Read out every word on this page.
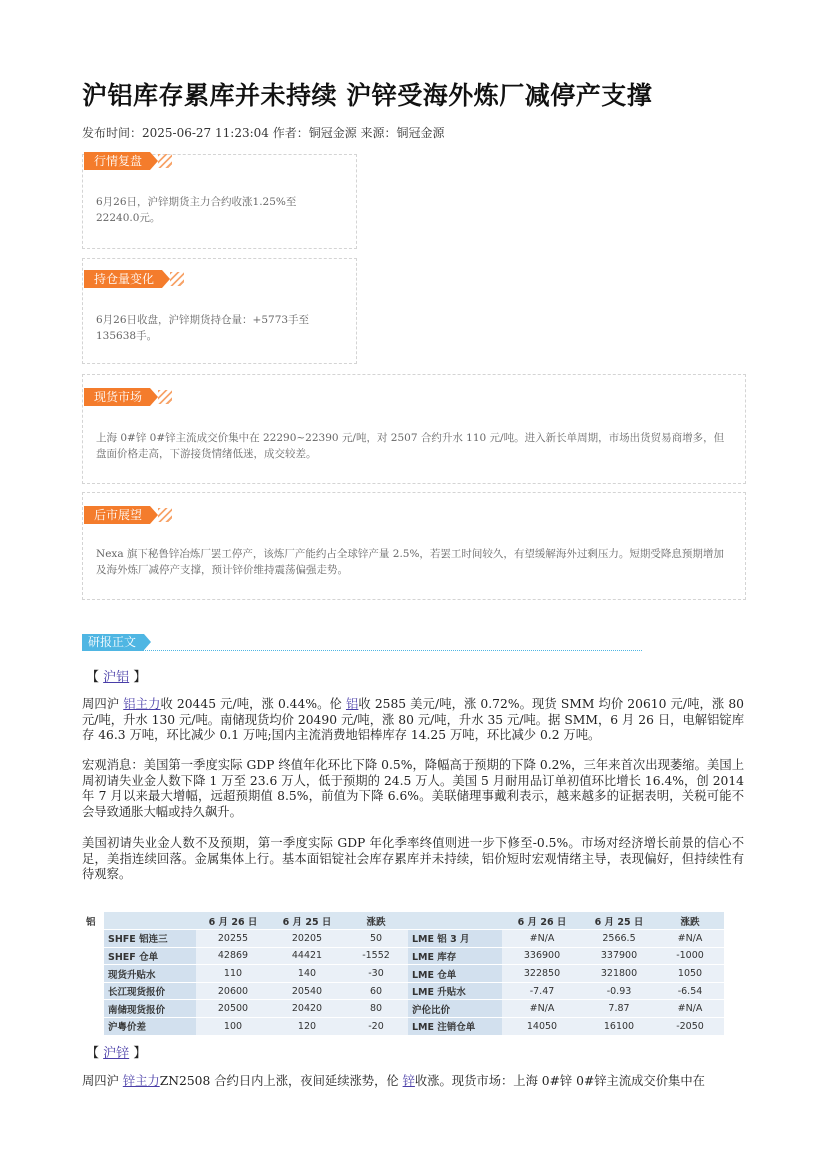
沪铝库存累库并未持续 沪锌受海外炼厂减停产支撑
发布时间：2025-06-27 11:23:04 作者：铜冠金源 来源：铜冠金源
行情复盘
6月26日，沪锌期货主力合约收涨1.25%至22240.0元。
持仓量变化
6月26日收盘，沪锌期货持仓量：+5773手至135638手。
现货市场
上海 0#锌 0#锌主流成交价集中在 22290~22390 元/吨，对 2507 合约升水 110 元/吨。进入新长单周期，市场出货贸易商增多，但盘面价格走高，下游接货情绪低迷，成交较差。
后市展望
Nexa 旗下秘鲁锌冶炼厂罢工停产，该炼厂产能约占全球锌产量 2.5%，若罢工时间较久，有望缓解海外过剩压力。短期受降息预期增加及海外炼厂减停产支撑，预计锌价维持震荡偏强走势。
研报正文
【 沪铝 】
周四沪 铝主力收 20445 元/吨，涨 0.44%。伦 铝收 2585 美元/吨，涨 0.72%。现货 SMM 均价 20610 元/吨，涨 80 元/吨，升水 130 元/吨。南储现货均价 20490 元/吨，涨 80 元/吨，升水 35 元/吨。据 SMM，6 月 26 日，电解铝锭库存 46.3 万吨，环比减少 0.1 万吨;国内主流消费地铝棒库存 14.25 万吨，环比减少 0.2 万吨。
宏观消息：美国第一季度实际 GDP 终值年化环比下降 0.5%，降幅高于预期的下降 0.2%，三年来首次出现萎缩。美国上周初请失业金人数下降 1 万至 23.6 万人，低于预期的 24.5 万人。美国 5 月耐用品订单初值环比增长 16.4%，创 2014 年 7 月以来最大增幅，远超预期值 8.5%，前值为下降 6.6%。美联储理事戴利表示，越来越多的证据表明，关税可能不会导致通胀大幅或持久飙升。
美国初请失业金人数不及预期，第一季度实际 GDP 年化季率终值则进一步下修至-0.5%。市场对经济增长前景的信心不足，美指连续回落。金属集体上行。基本面铝锭社会库存累库并未持续，铝价短时宏观情绪主导，表现偏好，但持续性有待观察。
铝		6 月 26 日	6 月 25 日	涨跌		6 月 26 日	6 月 25 日	涨跌
	SHFE 铝连三	20255	20205	50	LME 铝 3 月	#N/A	2566.5	#N/A
	SHEF 仓单	42869	44421	-1552	LME 库存	336900	337900	-1000
	现货升贴水	110	140	-30	LME 仓单	322850	321800	1050
	长江现货报价	20600	20540	60	LME 升贴水	-7.47	-0.93	-6.54
	南储现货报价	20500	20420	80	沪伦比价	#N/A	7.87	#N/A
	沪粤价差	100	120	-20	LME 注销仓单	14050	16100	-2050
【 沪锌 】
周四沪 锌主力ZN2508 合约日内上涨，夜间延续涨势，伦 锌收涨。现货市场：上海 0#锌 0#锌主流成交价集中在
